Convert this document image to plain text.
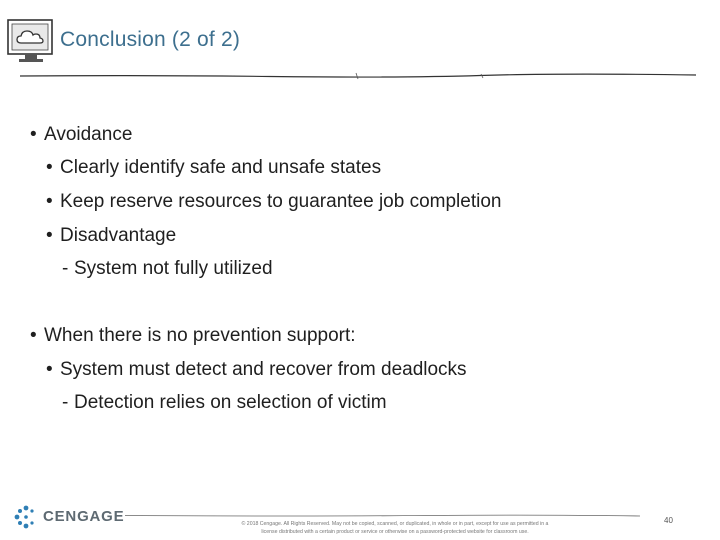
Conclusion (2 of 2)
• Avoidance
• Clearly identify safe and unsafe states
• Keep reserve resources to guarantee job completion
• Disadvantage
- System not fully utilized
• When there is no prevention support:
• System must detect and recover from deadlocks
- Detection relies on selection of victim
CENGAGE	© 2018 Cengage. All Rights Reserved. May not be copied, scanned, or duplicated, in whole or in part, except for use as permitted in a
license distributed with a certain product or service or otherwise on a password-protected website for classroom use.
40
